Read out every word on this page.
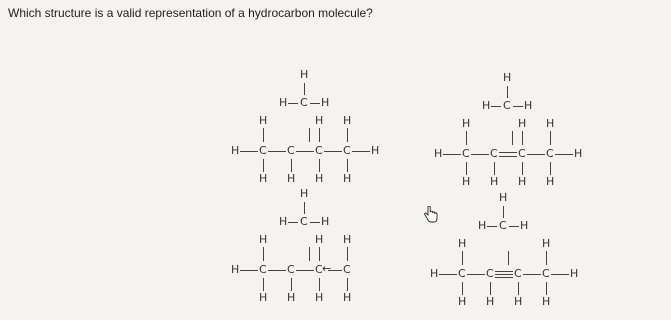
Which structure is a valid representation of a hydrocarbon molecule?
H C C C C H
H
H H
H
H
H
H
H C H
H
H C C C C H
H
H H
H
H
H
H
H C H
H
H C C C C
←
H
H H
H
H
H
H
H C H
H
H C C C C H
H
H H H
H
H
H C H
H
